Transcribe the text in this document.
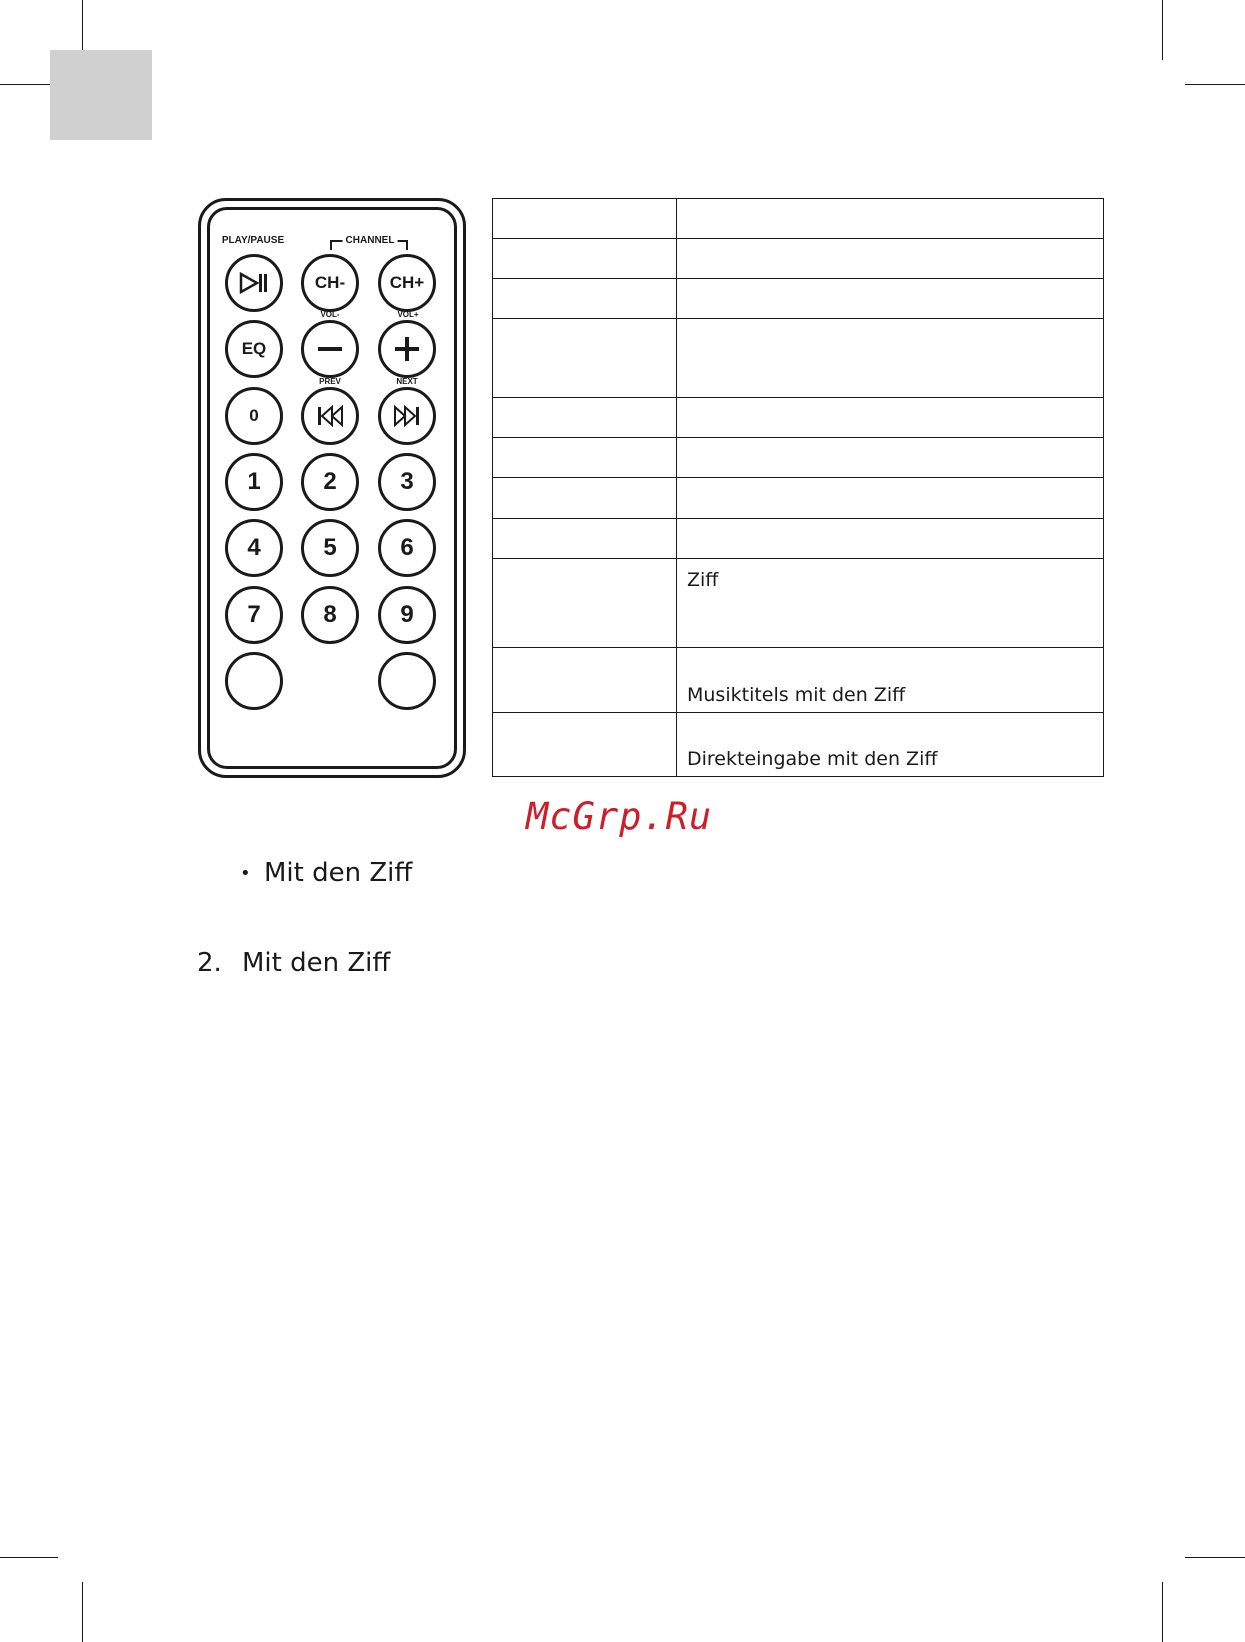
PLAY/PAUSE	CHANNEL
CH-	CH+
VOL-	VOL+
EQ
PREV	NEXT
0
1	2	3
4	5	6
7	8	9

	Ziff
	Musiktitels mit den Ziff
	Direkteingabe mit den Ziff
McGrp.Ru
• Mit den Ziff
2. Mit den Ziff
